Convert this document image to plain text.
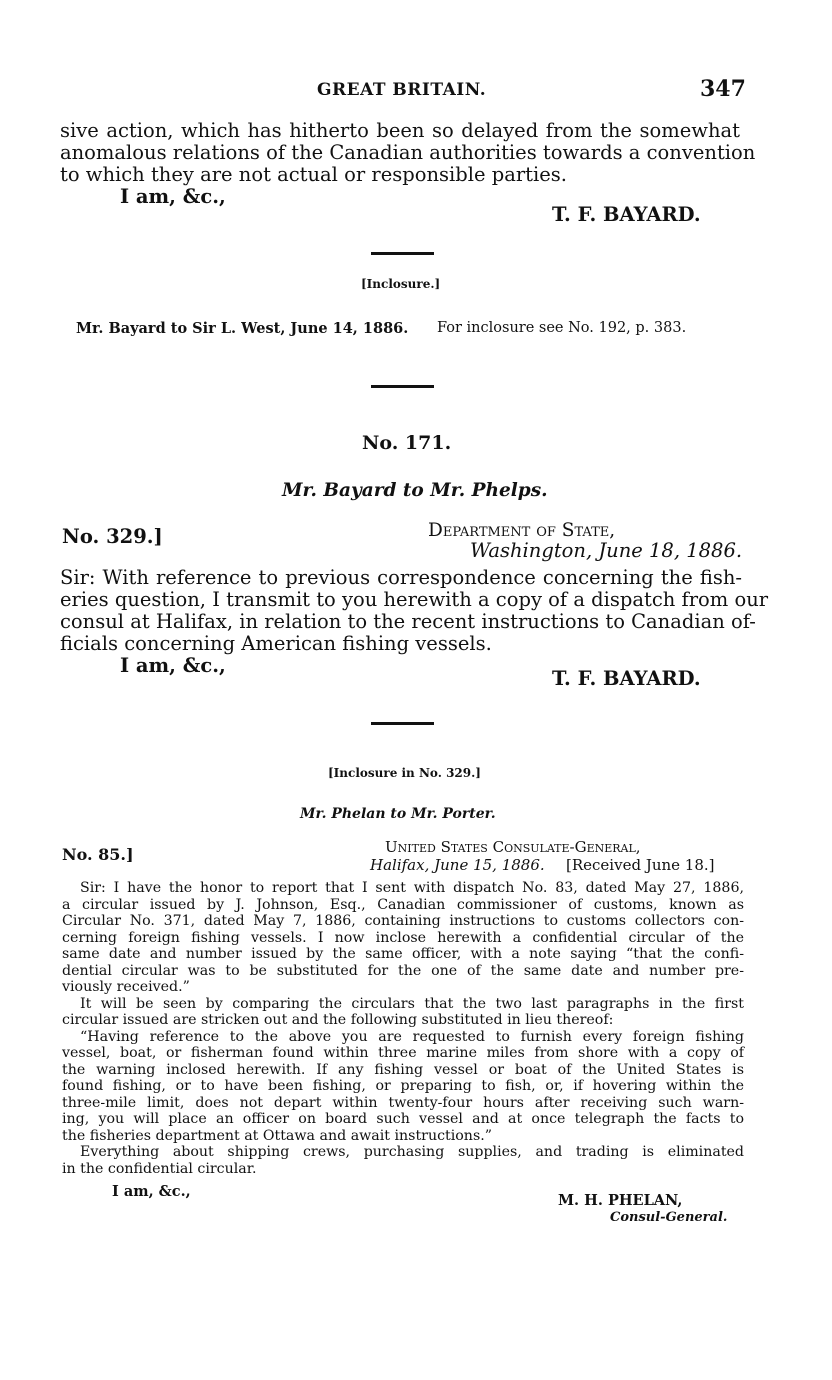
GREAT BRITAIN.	347
sive action, which has hitherto been so delayed from the somewhat
anomalous relations of the Canadian authorities towards a convention
to which they are not actual or responsible parties.
I am, &c.,
T. F. BAYARD.
[Inclosure.]
Mr. Bayard to Sir L. West, June 14, 1886. For inclosure see No. 192, p. 383.
No. 171.
Mr. Bayard to Mr. Phelps.
No. 329.]	Department of State,
Washington, June 18, 1886.
Sir: With reference to previous correspondence concerning the fish-
eries question, I transmit to you herewith a copy of a dispatch from our
consul at Halifax, in relation to the recent instructions to Canadian of-
ficials concerning American fishing vessels.
I am, &c.,
T. F. BAYARD.
[Inclosure in No. 329.]
Mr. Phelan to Mr. Porter.
No. 85.]	United States Consulate-General,
Halifax, June 15, 1886. [Received June 18.]
Sir: I have the honor to report that I sent with dispatch No. 83, dated May 27, 1886,
a circular issued by J. Johnson, Esq., Canadian commissioner of customs, known as
Circular No. 371, dated May 7, 1886, containing instructions to customs collectors con-
cerning foreign fishing vessels. I now inclose herewith a confidential circular of the
same date and number issued by the same officer, with a note saying “that the confi-
dential circular was to be substituted for the one of the same date and number pre-
viously received.”
It will be seen by comparing the circulars that the two last paragraphs in the first
circular issued are stricken out and the following substituted in lieu thereof:
“Having reference to the above you are requested to furnish every foreign fishing
vessel, boat, or fisherman found within three marine miles from shore with a copy of
the warning inclosed herewith. If any fishing vessel or boat of the United States is
found fishing, or to have been fishing, or preparing to fish, or, if hovering within the
three-mile limit, does not depart within twenty-four hours after receiving such warn-
ing, you will place an officer on board such vessel and at once telegraph the facts to
the fisheries department at Ottawa and await instructions.”
Everything about shipping crews, purchasing supplies, and trading is eliminated
in the confidential circular.
I am, &c.,
M. H. PHELAN,
Consul-General.
